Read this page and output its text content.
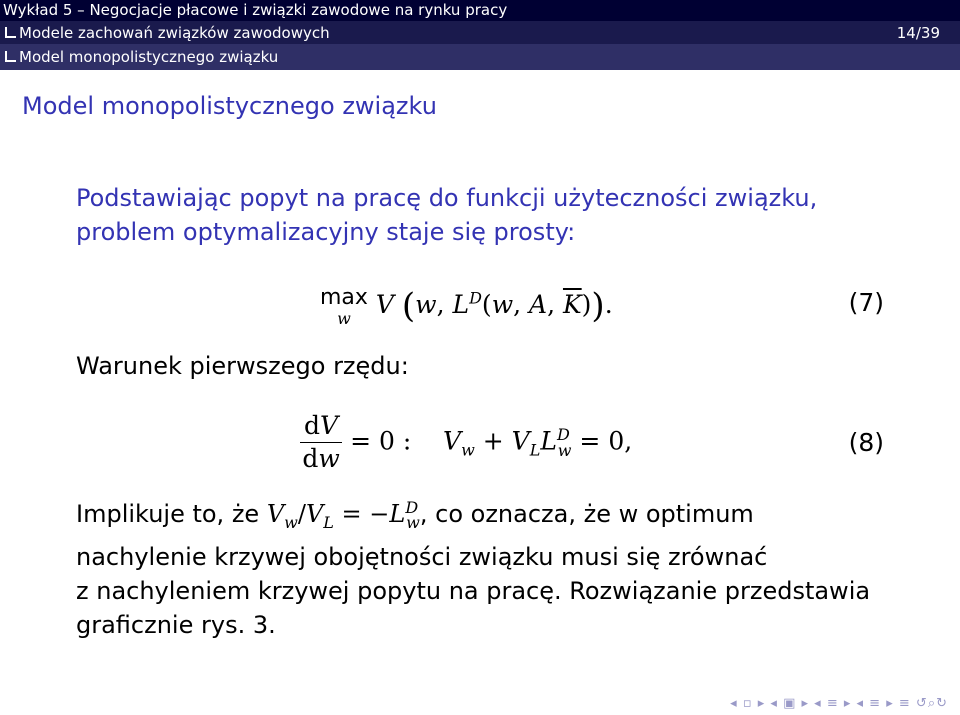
Wykład 5 – Negocjacje płacowe i związki zawodowe na rynku pracy
Modele zachowań związków zawodowych	14/39
Model monopolistycznego związku
Model monopolistycznego związku
Podstawiając popyt na pracę do funkcji użyteczności związku,
problem optymalizacyjny staje się prosty:
max
w	V (w, $L^D(w$, A, $\overline{K}$)).	(7)
Warunek pierwszego rzędu:
$\frac{dV}{dw} = 0$ :    $V_w + V_LL^D_w = 0$,	(8)
Implikuje to, że $V_w/V_L = -L^D_w$, co oznacza, że w optimum
nachylenie krzywej obojętności związku musi się zrównać
z nachyleniem krzywej popytu na pracę. Rozwiązanie przedstawia
graficznie rys. 3.
◂ ▫ ▸ ◂ ▣ ▸ ◂ ≡ ▸ ◂ ≡ ▸ ≡ ↺⌕↻
